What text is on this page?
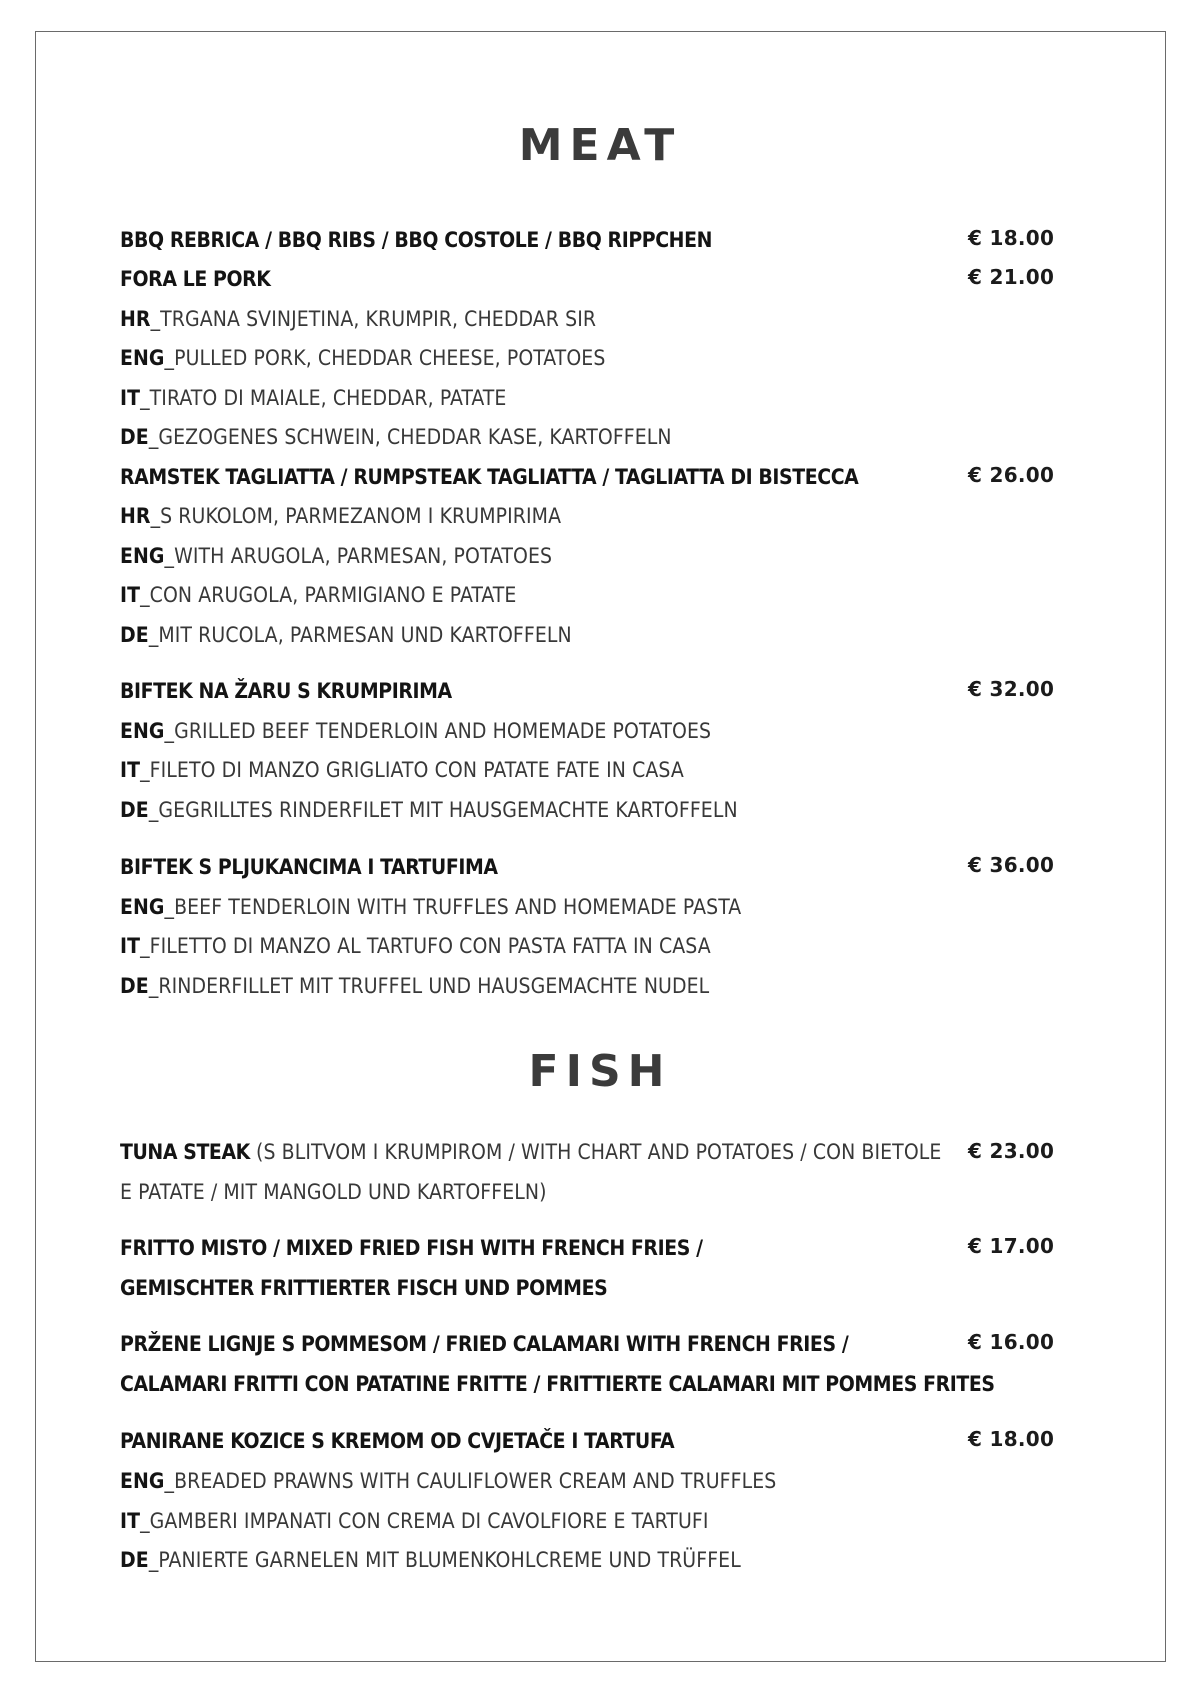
MEAT
BBQ REBRICA / BBQ RIBS / BBQ COSTOLE / BBQ RIPPCHEN	€ 18.00
FORA LE PORK	€ 21.00
HR_TRGANA SVINJETINA, KRUMPIR, CHEDDAR SIR
ENG_PULLED PORK, CHEDDAR CHEESE, POTATOES
IT_TIRATO DI MAIALE, CHEDDAR, PATATE
DE_GEZOGENES SCHWEIN, CHEDDAR KASE, KARTOFFELN
RAMSTEK TAGLIATTA / RUMPSTEAK TAGLIATTA / TAGLIATTA DI BISTECCA	€ 26.00
HR_S RUKOLOM, PARMEZANOM I KRUMPIRIMA
ENG_WITH ARUGOLA, PARMESAN, POTATOES
IT_CON ARUGOLA, PARMIGIANO E PATATE
DE_MIT RUCOLA, PARMESAN UND KARTOFFELN
BIFTEK NA ŽARU S KRUMPIRIMA	€ 32.00
ENG_GRILLED BEEF TENDERLOIN AND HOMEMADE POTATOES
IT_FILETO DI MANZO GRIGLIATO CON PATATE FATE IN CASA
DE_GEGRILLTES RINDERFILET MIT HAUSGEMACHTE KARTOFFELN
BIFTEK S PLJUKANCIMA I TARTUFIMA	€ 36.00
ENG_BEEF TENDERLOIN WITH TRUFFLES AND HOMEMADE PASTA
IT_FILETTO DI MANZO AL TARTUFO CON PASTA FATTA IN CASA
DE_RINDERFILLET MIT TRUFFEL UND HAUSGEMACHTE NUDEL
FISH
TUNA STEAK (S BLITVOM I KRUMPIROM / WITH CHART AND POTATOES / CON BIETOLE
E PATATE / MIT MANGOLD UND KARTOFFELN)
€ 23.00
FRITTO MISTO / MIXED FRIED FISH WITH FRENCH FRIES /
GEMISCHTER FRITTIERTER FISCH UND POMMES
€ 17.00
PRŽENE LIGNJE S POMMESOM / FRIED CALAMARI WITH FRENCH FRIES /
CALAMARI FRITTI CON PATATINE FRITTE / FRITTIERTE CALAMARI MIT POMMES FRITES
€ 16.00
PANIRANE KOZICE S KREMOM OD CVJETAČE I TARTUFA	€ 18.00
ENG_BREADED PRAWNS WITH CAULIFLOWER CREAM AND TRUFFLES
IT_GAMBERI IMPANATI CON CREMA DI CAVOLFIORE E TARTUFI
DE_PANIERTE GARNELEN MIT BLUMENKOHLCREME UND TRÜFFEL
